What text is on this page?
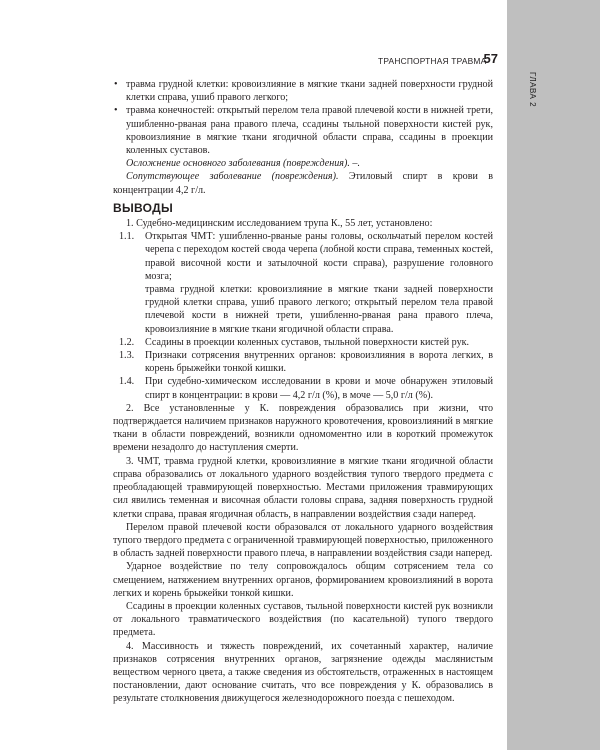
ГЛАВА 2
ТРАНСПОРТНАЯ ТРАВМА
57
• травма грудной клетки: кровоизлияние в мягкие ткани задней поверхности грудной клетки справа, ушиб правого легкого;
• травма конечностей: открытый перелом тела правой плечевой кости в нижней трети, ушибленно-рваная рана правого плеча, ссадины тыльной поверхности кистей рук, кровоизлияние в мягкие ткани ягодичной области справа, ссадины в проекции коленных суставов.

Осложнение основного заболевания (повреждения). –.

Сопутствующее заболевание (повреждения). Этиловый спирт в крови в концентрации 4,2 г/л.

ВЫВОДЫ

1. Судебно-медицинским исследованием трупа К., 55 лет, установлено:

1.1. Открытая ЧМТ: ушибленно-рваные раны головы, оскольчатый перелом костей черепа с переходом костей свода черепа (лобной кости справа, теменных костей, правой височной кости и затылочной кости справа), разрушение головного мозга;
травма грудной клетки: кровоизлияние в мягкие ткани задней поверхности грудной клетки справа, ушиб правого легкого; открытый перелом тела правой плечевой кости в нижней трети, ушибленно-рваная рана правого плеча, кровоизлияние в мягкие ткани ягодичной области справа.
1.2. Ссадины в проекции коленных суставов, тыльной поверхности кистей рук.
1.3. Признаки сотрясения внутренних органов: кровоизлияния в ворота легких, в корень брыжейки тонкой кишки.
1.4. При судебно-химическом исследовании в крови и моче обнаружен этиловый спирт в концентрации: в крови — 4,2 г/л (%), в моче — 5,0 г/л (%).

2. Все установленные у К. повреждения образовались при жизни, что подтверждается наличием признаков наружного кровотечения, кровоизлияний в мягкие ткани в области повреждений, возникли одномоментно или в короткий промежуток времени незадолго до наступления смерти.

3. ЧМТ, травма грудной клетки, кровоизлияние в мягкие ткани ягодичной области справа образовались от локального ударного воздействия тупого твердого предмета с преобладающей травмирующей поверхностью. Местами приложения травмирующих сил явились теменная и височная области головы справа, задняя поверхность грудной клетки справа, правая ягодичная область, в направлении воздействия сзади наперед.

Перелом правой плечевой кости образовался от локального ударного воздействия тупого твердого предмета с ограниченной травмирующей поверхностью, приложенного в область задней поверхности правого плеча, в направлении воздействия сзади наперед.

Ударное воздействие по телу сопровождалось общим сотрясением тела со смещением, натяжением внутренних органов, формированием кровоизлияний в ворота легких и корень брыжейки тонкой кишки.

Ссадины в проекции коленных суставов, тыльной поверхности кистей рук возникли от локального травматического воздействия (по касательной) тупого твердого предмета.

4. Массивность и тяжесть повреждений, их сочетанный характер, наличие признаков сотрясения внутренних органов, загрязнение одежды маслянистым веществом черного цвета, а также сведения из обстоятельств, отраженных в настоящем постановлении, дают основание считать, что все повреждения у К. образовались в результате столкновения движущегося железнодорожного поезда с пешеходом.
